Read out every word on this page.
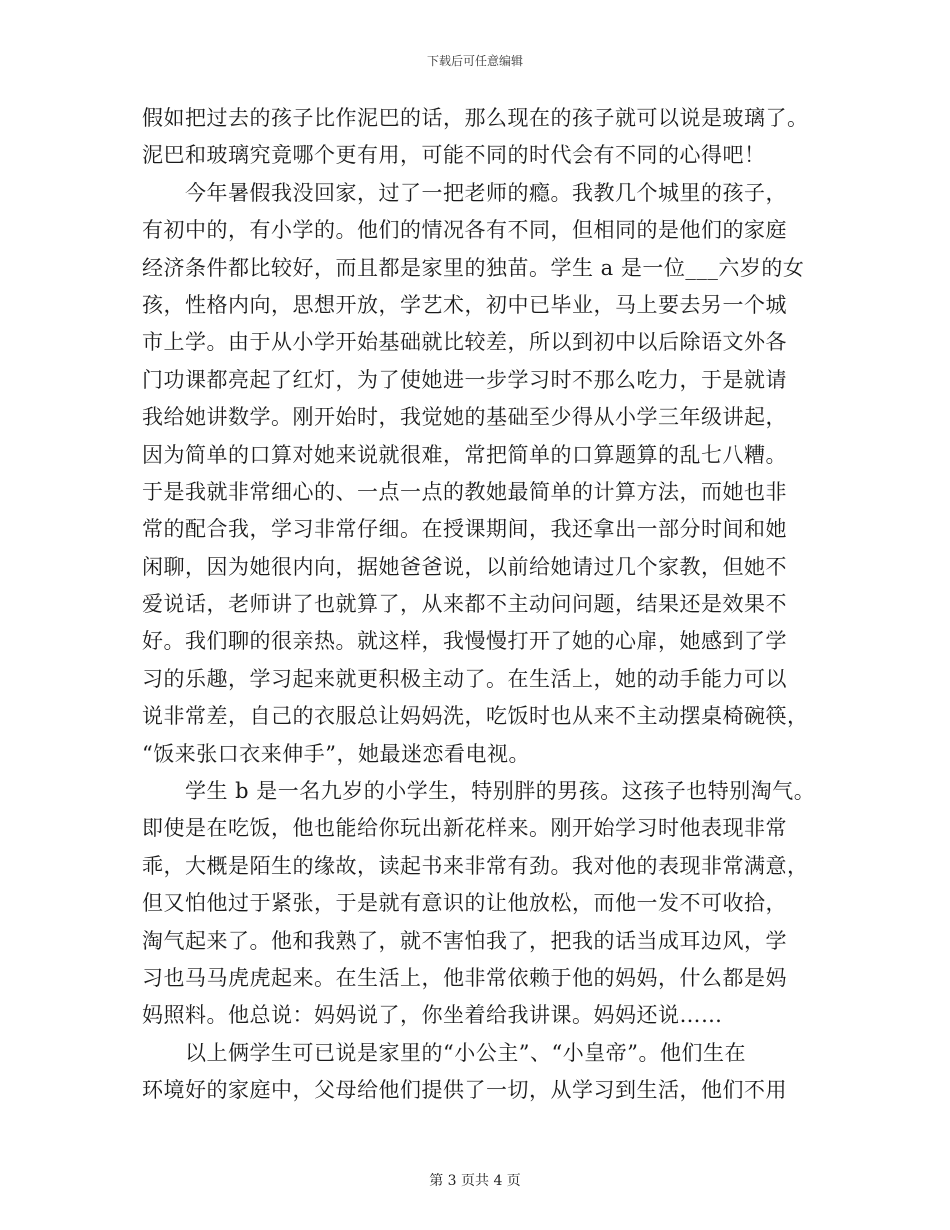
下载后可任意编辑
假如把过去的孩子比作泥巴的话，那么现在的孩子就可以说是玻璃了。
泥巴和玻璃究竟哪个更有用，可能不同的时代会有不同的心得吧！
　　今年暑假我没回家，过了一把老师的瘾。我教几个城里的孩子，
有初中的，有小学的。他们的情况各有不同，但相同的是他们的家庭
经济条件都比较好，而且都是家里的独苗。学生 a 是一位___六岁的女
孩，性格内向，思想开放，学艺术，初中已毕业，马上要去另一个城
市上学。由于从小学开始基础就比较差，所以到初中以后除语文外各
门功课都亮起了红灯，为了使她进一步学习时不那么吃力，于是就请
我给她讲数学。刚开始时，我觉她的基础至少得从小学三年级讲起，
因为简单的口算对她来说就很难，常把简单的口算题算的乱七八糟。
于是我就非常细心的、一点一点的教她最简单的计算方法，而她也非
常的配合我，学习非常仔细。在授课期间，我还拿出一部分时间和她
闲聊，因为她很内向，据她爸爸说，以前给她请过几个家教，但她不
爱说话，老师讲了也就算了，从来都不主动问问题，结果还是效果不
好。我们聊的很亲热。就这样，我慢慢打开了她的心扉，她感到了学
习的乐趣，学习起来就更积极主动了。在生活上，她的动手能力可以
说非常差，自己的衣服总让妈妈洗，吃饭时也从来不主动摆桌椅碗筷，
“饭来张口衣来伸手”，她最迷恋看电视。
　　学生 b 是一名九岁的小学生，特别胖的男孩。这孩子也特别淘气。
即使是在吃饭，他也能给你玩出新花样来。刚开始学习时他表现非常
乖，大概是陌生的缘故，读起书来非常有劲。我对他的表现非常满意，
但又怕他过于紧张，于是就有意识的让他放松，而他一发不可收拾，
淘气起来了。他和我熟了，就不害怕我了，把我的话当成耳边风，学
习也马马虎虎起来。在生活上，他非常依赖于他的妈妈，什么都是妈
妈照料。他总说：妈妈说了，你坐着给我讲课。妈妈还说……
　　以上俩学生可已说是家里的“小公主”、“小皇帝”。他们生在
环境好的家庭中，父母给他们提供了一切，从学习到生活，他们不用
第 3 页共 4 页
